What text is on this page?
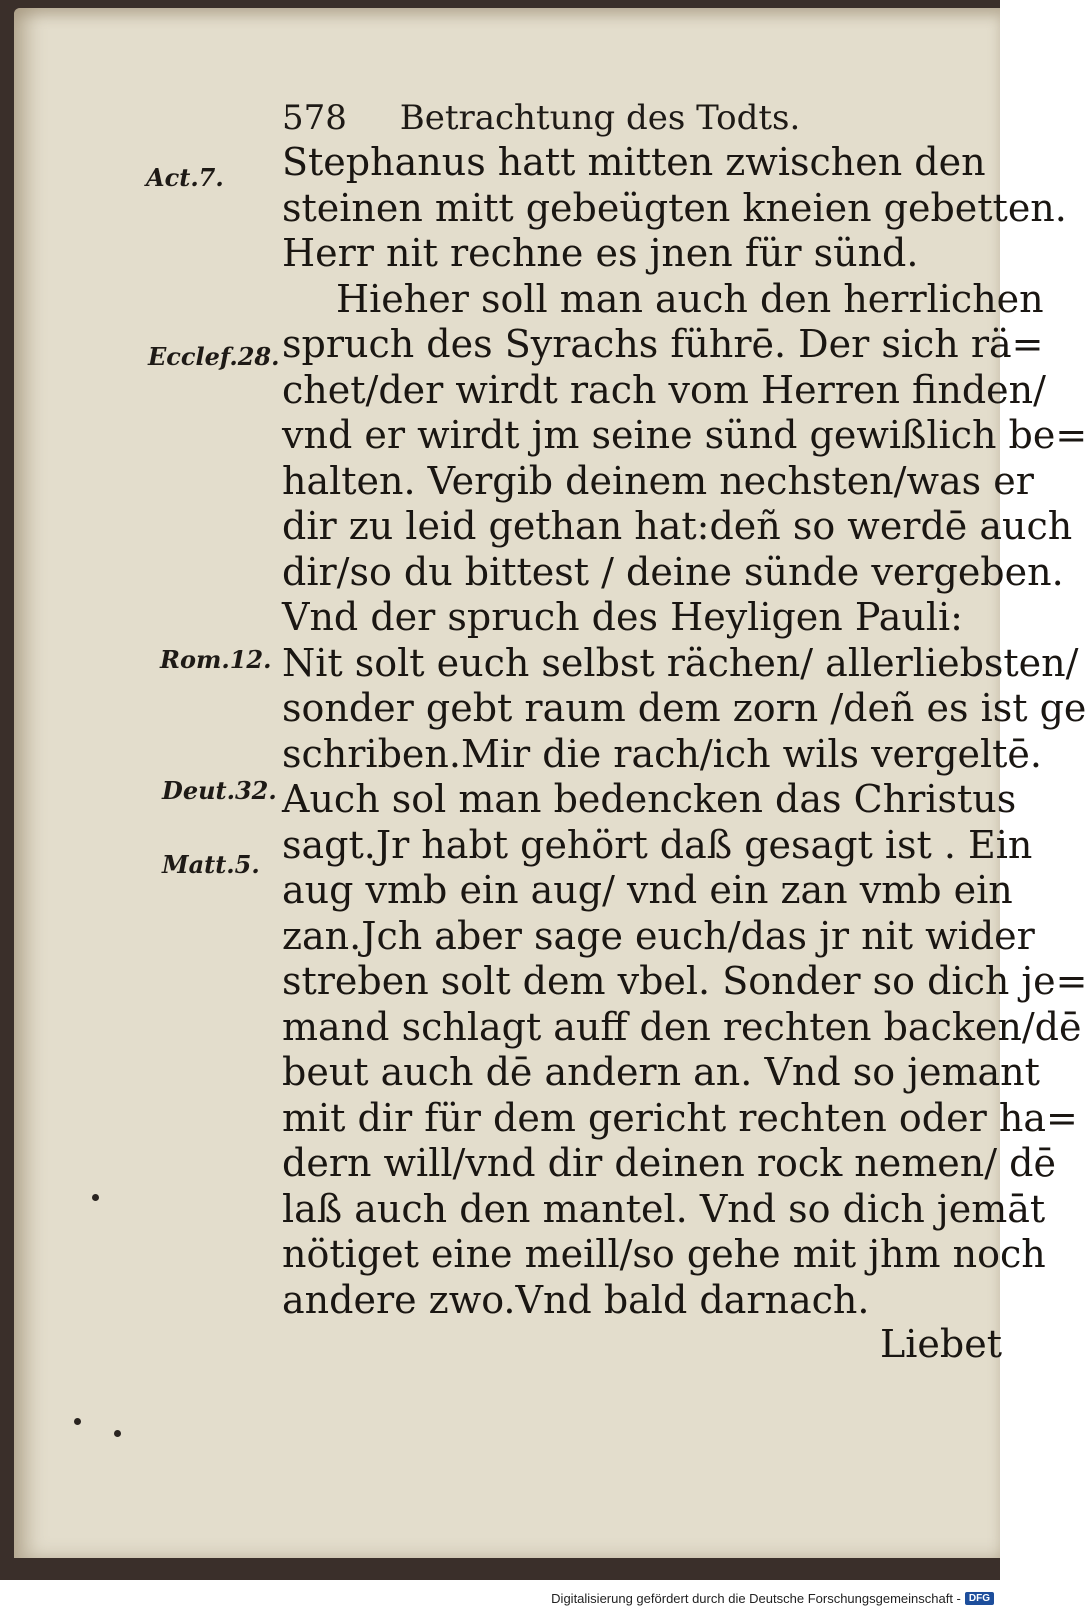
578 Betrachtung des Todts.
Act.7.
Ecclef.28.
Rom.12.
Deut.32.
Matt.5.
Stephanus hatt mitten zwischen den
steinen mitt gebeügten kneien gebetten.
Herr nit rechne es jnen für sünd.
Hieher soll man auch den herrlichen
spruch des Syrachs führē. Der sich rä=
chet/der wirdt rach vom Herren finden/
vnd er wirdt jm seine sünd gewißlich be=
halten. Vergib deinem nechsten/was er
dir zu leid gethan hat:deñ so werdē auch
dir/so du bittest / deine sünde vergeben.
Vnd der spruch des Heyligen Pauli:
Nit solt euch selbst rächen/ allerliebsten/
sonder gebt raum dem zorn /deñ es ist ge
schriben.Mir die rach/ich wils vergeltē.
Auch sol man bedencken das Christus
sagt.Jr habt gehört daß gesagt ist . Ein
aug vmb ein aug/ vnd ein zan vmb ein
zan.Jch aber sage euch/das jr nit wider
streben solt dem vbel. Sonder so dich je=
mand schlagt auff den rechten backen/dē
beut auch dē andern an. Vnd so jemant
mit dir für dem gericht rechten oder ha=
dern will/vnd dir deinen rock nemen/ dē
laß auch den mantel. Vnd so dich jemāt
nötiget eine meill/so gehe mit jhm noch
andere zwo.Vnd bald darnach.
Liebet
Digitalisierung gefördert durch die Deutsche Forschungsgemeinschaft - DFG
